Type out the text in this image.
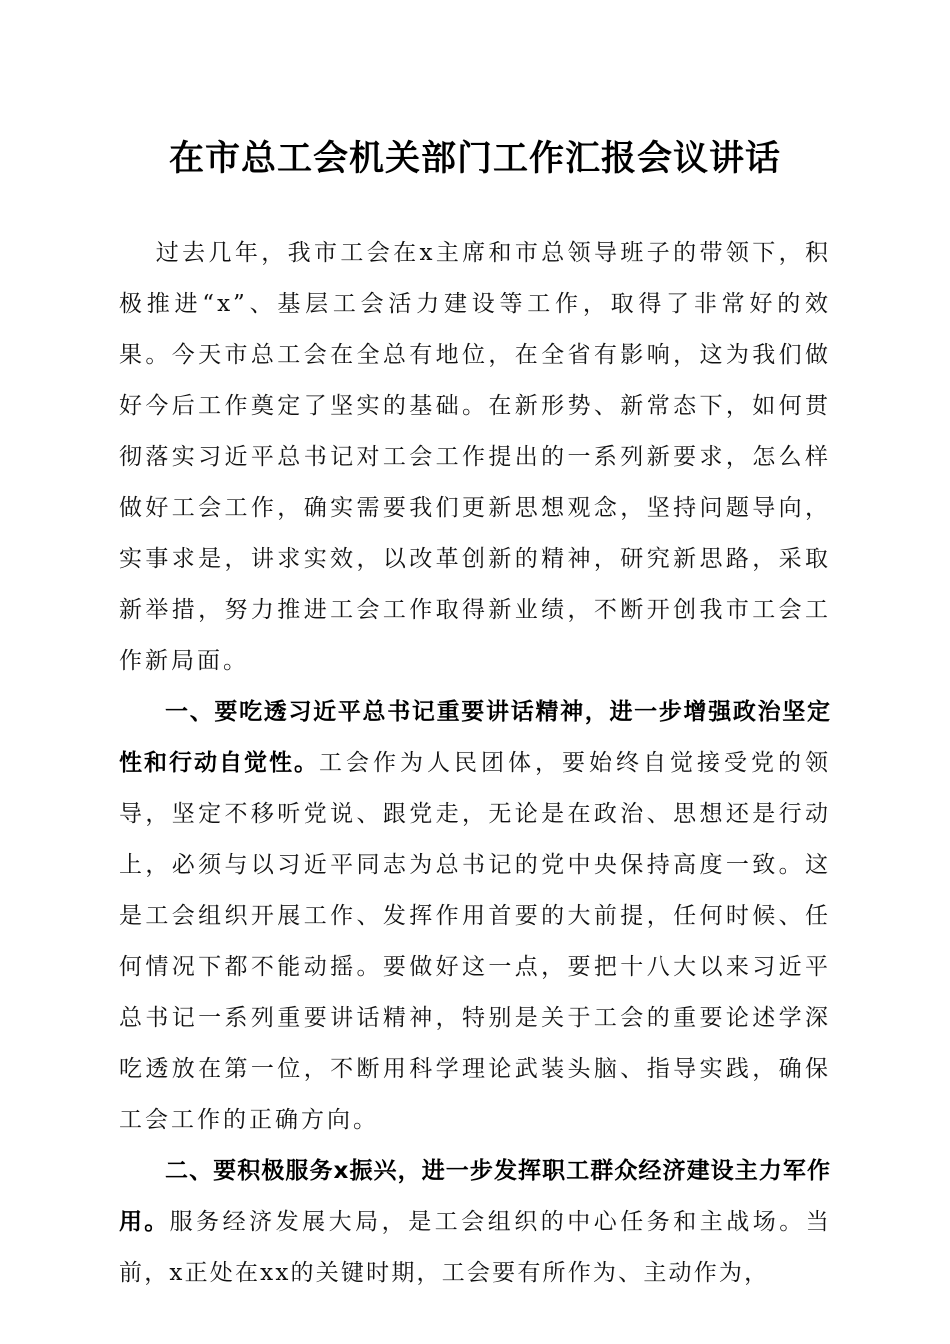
在市总工会机关部门工作汇报会议讲话

过去几年，我市工会在x主席和市总领导班子的带领下，积极推进“x”、基层工会活力建设等工作，取得了非常好的效果。今天市总工会在全总有地位，在全省有影响，这为我们做好今后工作奠定了坚实的基础。在新形势、新常态下，如何贯彻落实习近平总书记对工会工作提出的一系列新要求，怎么样做好工会工作，确实需要我们更新思想观念，坚持问题导向，实事求是，讲求实效，以改革创新的精神，研究新思路，采取新举措，努力推进工会工作取得新业绩，不断开创我市工会工作新局面。

一、要吃透习近平总书记重要讲话精神，进一步增强政治坚定性和行动自觉性。工会作为人民团体，要始终自觉接受党的领导，坚定不移听党说、跟党走，无论是在政治、思想还是行动上，必须与以习近平同志为总书记的党中央保持高度一致。这是工会组织开展工作、发挥作用首要的大前提，任何时候、任何情况下都不能动摇。要做好这一点，要把十八大以来习近平总书记一系列重要讲话精神，特别是关于工会的重要论述学深吃透放在第一位，不断用科学理论武装头脑、指导实践，确保工会工作的正确方向。

二、要积极服务x振兴，进一步发挥职工群众经济建设主力军作用。服务经济发展大局，是工会组织的中心任务和主战场。当前，x正处在xx的关键时期，工会要有所作为、主动作为，
